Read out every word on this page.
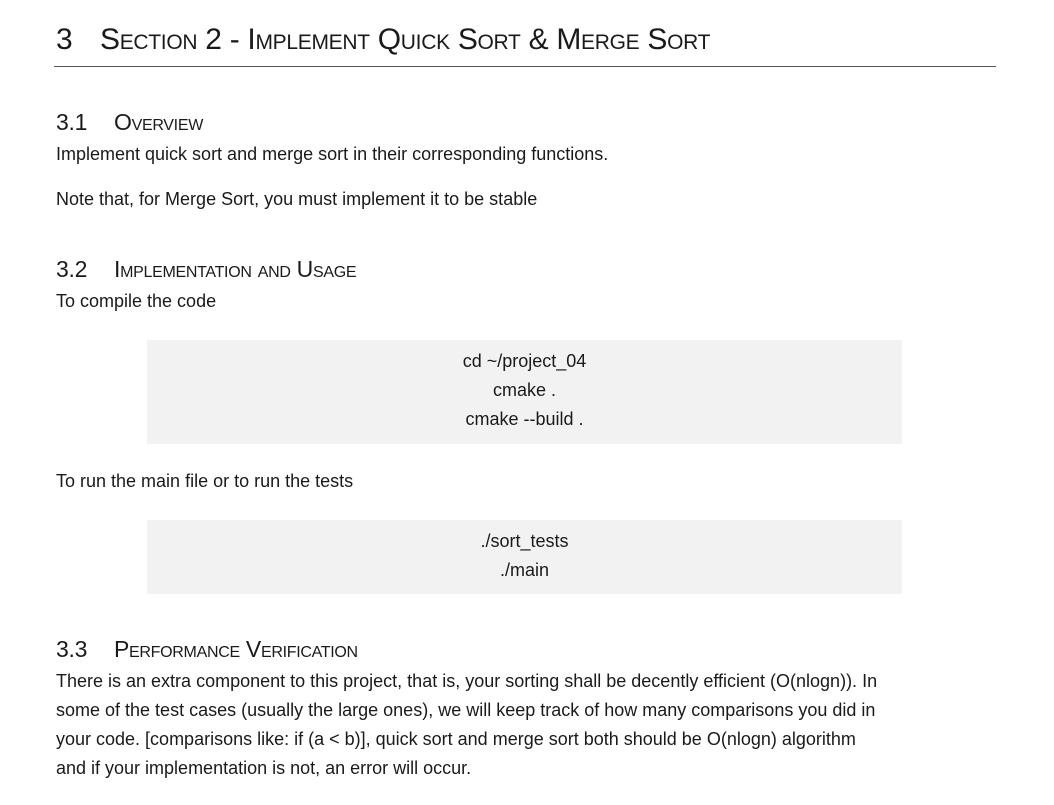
3 Section 2 - Implement Quick Sort & Merge Sort
3.1 Overview
Implement quick sort and merge sort in their corresponding functions.
Note that, for Merge Sort, you must implement it to be stable
3.2 Implementation and Usage
To compile the code
cd ~/project_04
cmake .
cmake --build .
To run the main file or to run the tests
./sort_tests
./main
3.3 Performance Verification
There is an extra component to this project, that is, your sorting shall be decently efficient (O(nlogn)). In
some of the test cases (usually the large ones), we will keep track of how many comparisons you did in
your code. [comparisons like: if (a < b)], quick sort and merge sort both should be O(nlogn) algorithm
and if your implementation is not, an error will occur.
